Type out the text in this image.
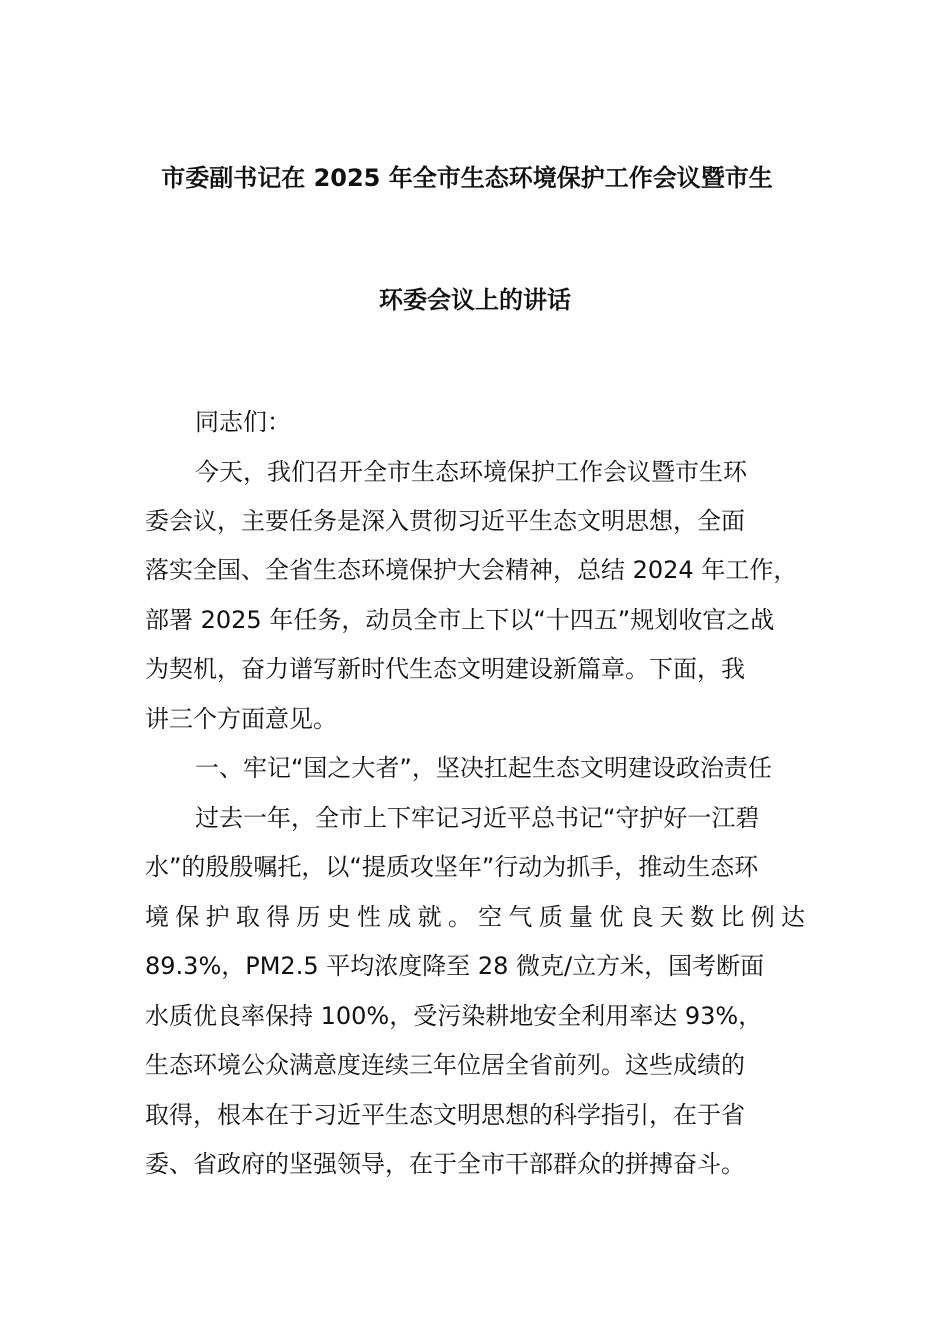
市委副书记在 2025 年全市生态环境保护工作会议暨市生
环委会议上的讲话
同志们：
今天，我们召开全市生态环境保护工作会议暨市生环
委会议，主要任务是深入贯彻习近平生态文明思想，全面
落实全国、全省生态环境保护大会精神，总结 2024 年工作，
部署 2025 年任务，动员全市上下以“十四五”规划收官之战
为契机，奋力谱写新时代生态文明建设新篇章。下面，我
讲三个方面意见。
一、牢记“国之大者”，坚决扛起生态文明建设政治责任
过去一年，全市上下牢记习近平总书记“守护好一江碧
水”的殷殷嘱托，以“提质攻坚年”行动为抓手，推动生态环
境保护取得历史性成就。空气质量优良天数比例达
89.3%，PM2.5 平均浓度降至 28 微克/立方米，国考断面
水质优良率保持 100%，受污染耕地安全利用率达 93%，
生态环境公众满意度连续三年位居全省前列。这些成绩的
取得，根本在于习近平生态文明思想的科学指引，在于省
委、省政府的坚强领导，在于全市干部群众的拼搏奋斗。
